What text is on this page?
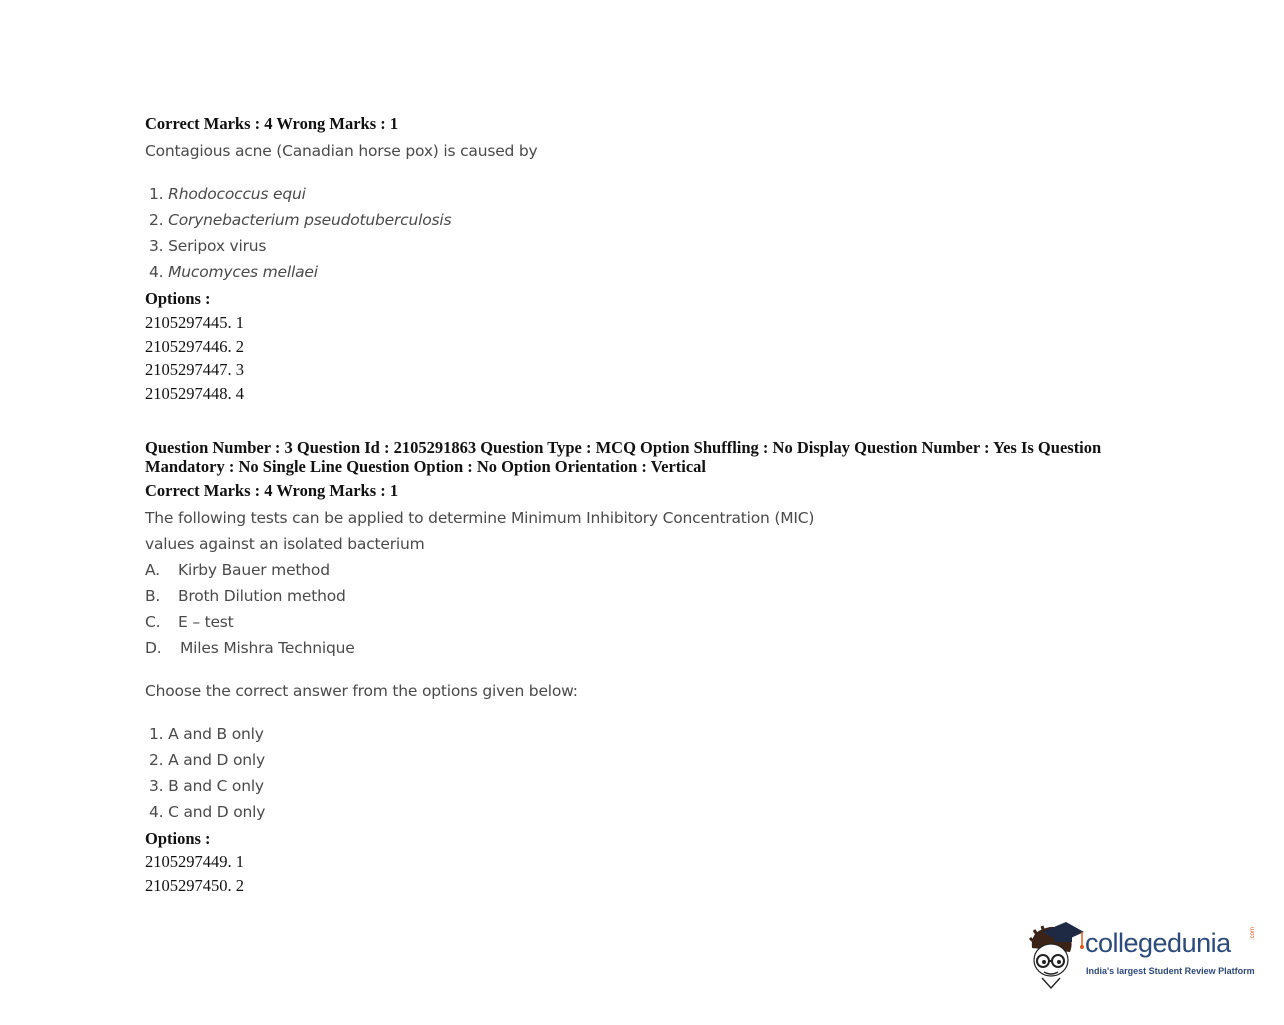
Correct Marks : 4 Wrong Marks : 1
Contagious acne (Canadian horse pox) is caused by
1. Rhodococcus equi
2. Corynebacterium pseudotuberculosis
3. Seripox virus
4. Mucomyces mellaei
Options :
2105297445. 1
2105297446. 2
2105297447. 3
2105297448. 4
Question Number : 3 Question Id : 2105291863 Question Type : MCQ Option Shuffling : No Display Question Number : Yes Is Question
Mandatory : No Single Line Question Option : No Option Orientation : Vertical
Correct Marks : 4 Wrong Marks : 1
The following tests can be applied to determine Minimum Inhibitory Concentration (MIC)
values against an isolated bacterium
A. Kirby Bauer method
B. Broth Dilution method
C. E – test
D. Miles Mishra Technique
Choose the correct answer from the options given below:
1. A and B only
2. A and D only
3. B and C only
4. C and D only
Options :
2105297449. 1
2105297450. 2
collegedunia	.com
India's largest Student Review Platform
